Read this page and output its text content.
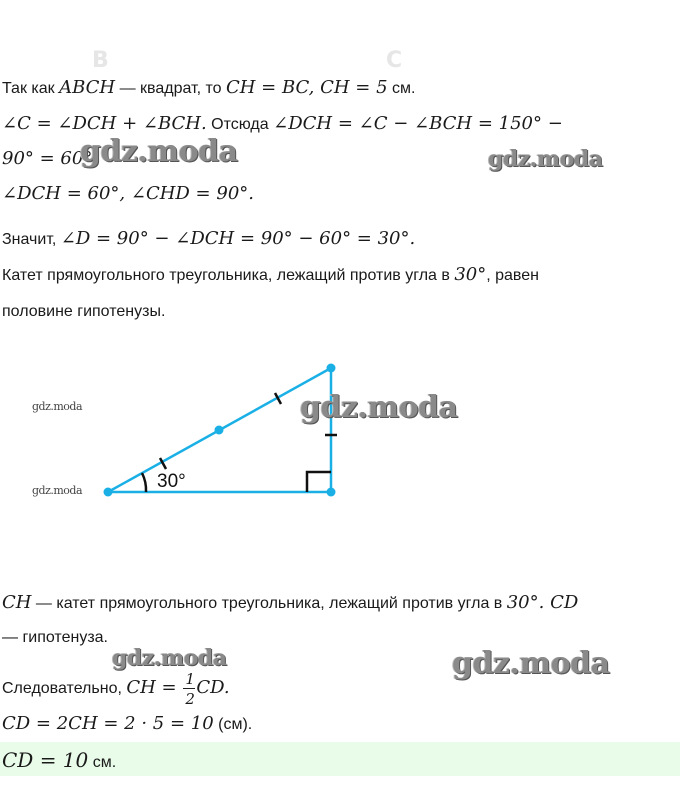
B	C
Так как ABCH — квадрат, то CH = BC, CH = 5 см.
∠C = ∠DCH + ∠BCH. Отсюда ∠DCH = ∠C − ∠BCH = 150° −
90° = 60°;
∠DCH = 60°, ∠CHD = 90°.
Значит, ∠D = 90° − ∠DCH = 90° − 60° = 30°.
Катет прямоугольного треугольника, лежащий против угла в 30°, равен
половине гипотенузы.
30°
CH — катет прямоугольного треугольника, лежащий против угла в 30°. CD
— гипотенуза.
Следовательно, CH = $\frac{1}{2}$ CD.
CD = 2CH = 2 · 5 = 10 (см).
CD = 10 см.
gdz.moda	gdz.moda
gdz.moda
gdz.moda
gdz.moda
gdz.moda	gdz.moda
